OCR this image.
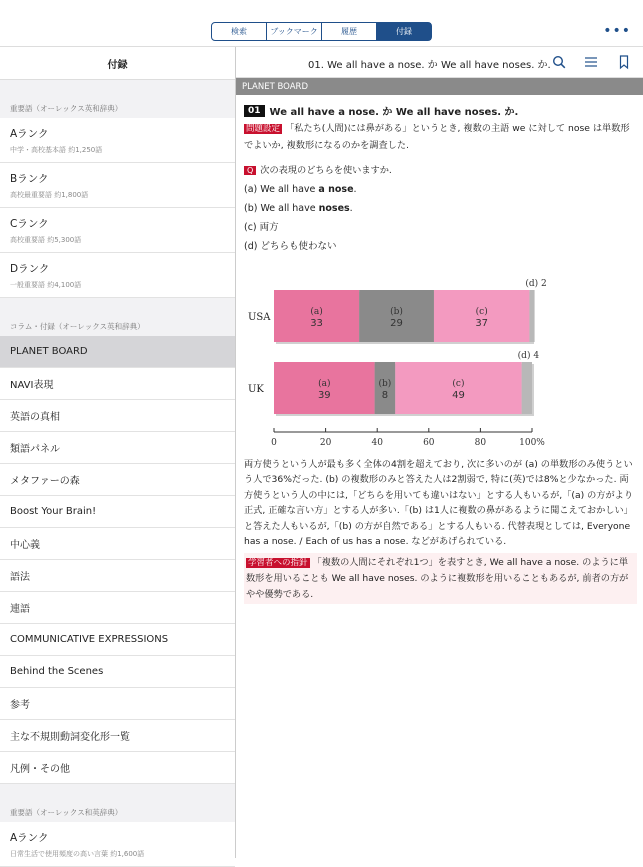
検索	ブックマーク	履歴	付録	•••
付録
重要語（オーレックス英和辞典）
Aランク
中学・高校基本語 約1,250語
Bランク
高校最重要語 約1,800語
Cランク
高校重要語 約5,300語
Dランク
一般重要語 約4,100語
コラム・付録（オーレックス英和辞典）
PLANET BOARD
NAVI表現
英語の真相
類語パネル
メタファーの森
Boost Your Brain!
中心義
語法
連語
COMMUNICATIVE EXPRESSIONS
Behind the Scenes
参考
主な不規則動詞変化形一覧
凡例・その他
重要語（オーレックス和英辞典）
Aランク
日常生活で使用頻度の高い言葉 約1,600語
01. We all have a nose. か We all have noses. か.
PLANET BOARD
01 We all have a nose. か We all have noses. か.
問題設定 「私たち(人間)には鼻がある」というとき, 複数の主語 we に対して nose は単数形でよいか, 複数形になるのかを調査した.
Q 次の表現のどちらを使いますか.
(a) We all have a nose.
(b) We all have noses.
(c) 両方
(d) どちらも使わない
USA	(a)
33
(b)
29
(c)
37
(d) 2
UK	(a)
39
(b)
8
(c)
49
(d) 4
0	20	40	60	80	100%
両方使うという人が最も多く全体の4割を超えており, 次に多いのが (a) の単数形のみ使うという人で36%だった. (b) の複数形のみと答えた人は2割弱で, 特に(英)では8%と少なかった. 両方使うという人の中には,「どちらを用いても違いはない」とする人もいるが,「(a) の方がより正式, 正確な言い方」とする人が多い.「(b) は1人に複数の鼻があるように聞こえておかしい」と答えた人もいるが,「(b) の方が自然である」とする人もいる. 代替表現としては, Everyone has a nose. / Each of us has a nose. などがあげられている.
学習者への指針 「複数の人間にそれぞれ1つ」を表すとき, We all have a nose. のように単数形を用いることも We all have noses. のように複数形を用いることもあるが, 前者の方がやや優勢である.
